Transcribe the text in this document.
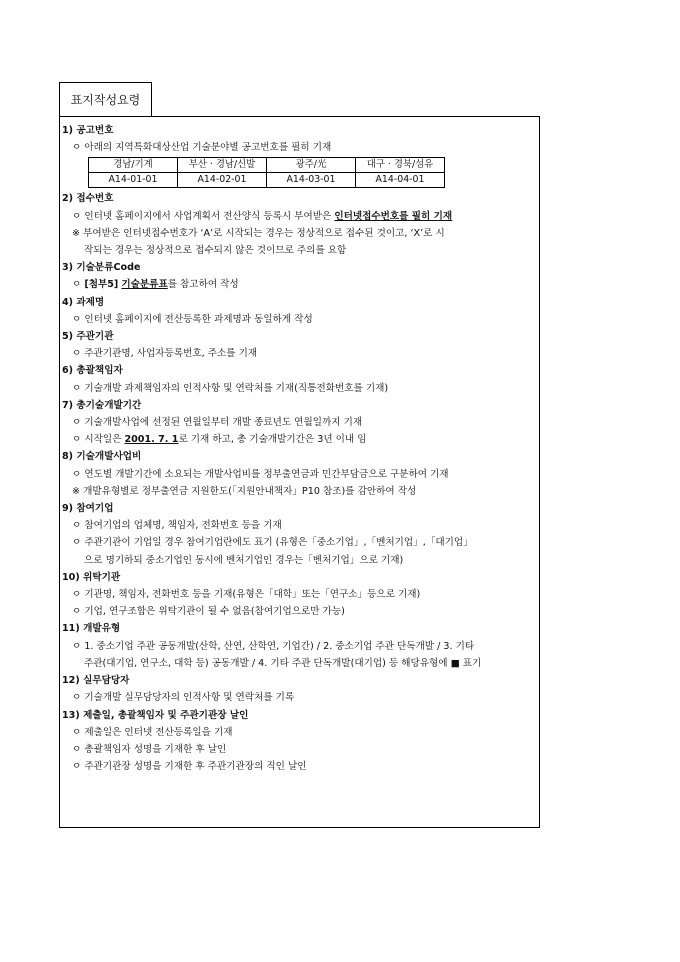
표지작성요령
1) 공고번호
ㅇ 아래의 지역특화대상산업 기술분야별 공고번호를 필히 기재
경남/기계	부산 · 경남/신발	광주/光	대구 · 경북/섬유
A14-01-01	A14-02-01	A14-03-01	A14-04-01
2) 접수번호
ㅇ 인터넷 홈페이지에서 사업계획서 전산양식 등록시 부여받은 인터넷접수번호를 필히 기재
※ 부여받은 인터넷접수번호가 ‘A’로 시작되는 경우는 정상적으로 접수된 것이고, ‘X’로 시
작되는 경우는 정상적으로 접수되지 않은 것이므로 주의를 요함
3) 기술분류Code
ㅇ [첨부5] 기술분류표를 참고하여 작성
4) 과제명
ㅇ 인터넷 홈페이지에 전산등록한 과제명과 동일하게 작성
5) 주관기관
ㅇ 주관기관명, 사업자등록번호, 주소를 기재
6) 총괄책임자
ㅇ 기술개발 과제책임자의 인적사항 및 연락처를 기재(직통전화번호를 기재)
7) 총기술개발기간
ㅇ 기술개발사업에 선정된 연월일부터 개발 종료년도 연월일까지 기재
ㅇ 시작일은 2001. 7. 1로 기재 하고, 총 기술개발기간은 3년 이내 임
8) 기술개발사업비
ㅇ 연도별 개발기간에 소요되는 개발사업비를 정부출연금과 민간부담금으로 구분하여 기재
※ 개발유형별로 정부출연금 지원한도(「지원안내책자」P10 참조)를 감안하여 작성
9) 참여기업
ㅇ 참여기업의 업체명, 책임자, 전화번호 등을 기재
ㅇ 주관기관이 기업일 경우 참여기업란에도 표기 (유형은「중소기업」,「벤처기업」,「대기업」
으로 명기하되 중소기업인 동시에 벤처기업인 경우는「벤처기업」으로 기재)
10) 위탁기관
ㅇ 기관명, 책임자, 전화번호 등을 기재(유형은「대학」또는「연구소」등으로 기재)
ㅇ 기업, 연구조합은 위탁기관이 될 수 없음(참여기업으로만 가능)
11) 개발유형
ㅇ 1. 중소기업 주관 공동개발(산학, 산연, 산학연, 기업간) / 2. 중소기업 주관 단독개발 / 3. 기타
주관(대기업, 연구소, 대학 등) 공동개발 / 4. 기타 주관 단독개발(대기업) 등 해당유형에 ■ 표기
12) 실무담당자
ㅇ 기술개발 실무담당자의 인적사항 및 연락처를 기록
13) 제출일, 총괄책임자 및 주관기관장 날인
ㅇ 제출일은 인터넷 전산등록일을 기재
ㅇ 총괄책임자 성명을 기재한 후 날인
ㅇ 주관기관장 성명을 기재한 후 주관기관장의 직인 날인
